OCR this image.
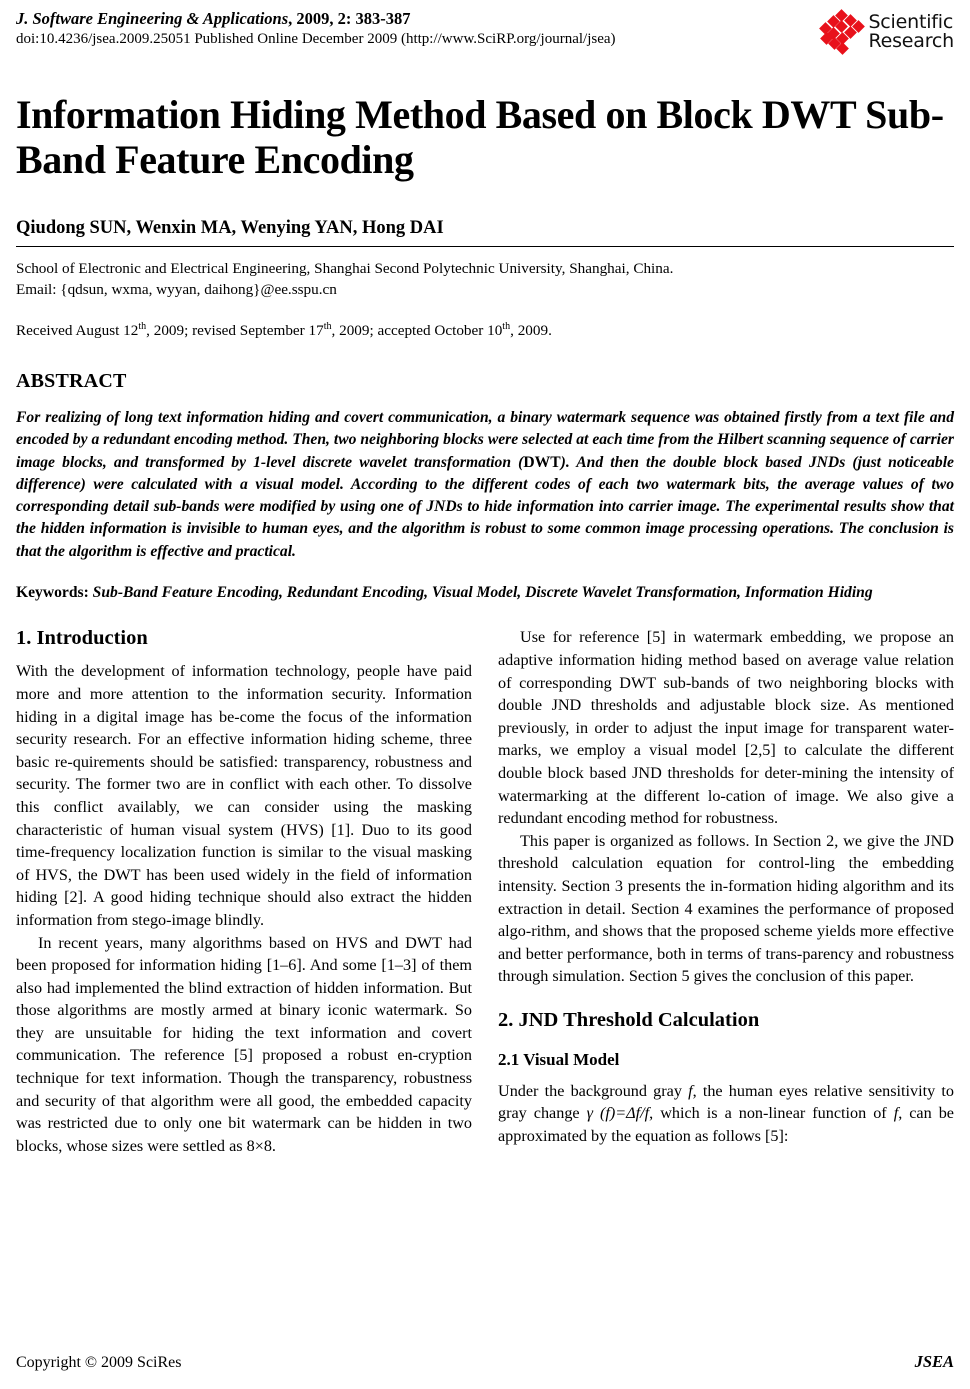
J. Software Engineering & Applications, 2009, 2: 383-387
doi:10.4236/jsea.2009.25051 Published Online December 2009 (http://www.SciRP.org/journal/jsea)
Scientific
Research
Information Hiding Method Based on Block DWT Sub-Band Feature Encoding
Qiudong SUN, Wenxin MA, Wenying YAN, Hong DAI
School of Electronic and Electrical Engineering, Shanghai Second Polytechnic University, Shanghai, China.
Email: {qdsun, wxma, wyyan, daihong}@ee.sspu.cn
Received August 12th, 2009; revised September 17th, 2009; accepted October 10th, 2009.
ABSTRACT
For realizing of long text information hiding and covert communication, a binary watermark sequence was obtained firstly from a text file and encoded by a redundant encoding method. Then, two neighboring blocks were selected at each time from the Hilbert scanning sequence of carrier image blocks, and transformed by 1-level discrete wavelet transformation (DWT). And then the double block based JNDs (just noticeable difference) were calculated with a visual model. According to the different codes of each two watermark bits, the average values of two corresponding detail sub-bands were modified by using one of JNDs to hide information into carrier image. The experimental results show that the hidden information is invisible to human eyes, and the algorithm is robust to some common image processing operations. The conclusion is that the algorithm is effective and practical.
Keywords: Sub-Band Feature Encoding, Redundant Encoding, Visual Model, Discrete Wavelet Transformation, Information Hiding
1. Introduction

With the development of information technology, people have paid more and more attention to the information security. Information hiding in a digital image has be-come the focus of the information security research. For an effective information hiding scheme, three basic re-quirements should be satisfied: transparency, robustness and security. The former two are in conflict with each other. To dissolve this conflict availably, we can consider using the masking characteristic of human visual system (HVS) [1]. Duo to its good time-frequency localization function is similar to the visual masking of HVS, the DWT has been used widely in the field of information hiding [2]. A good hiding technique should also extract the hidden information from stego-image blindly.

In recent years, many algorithms based on HVS and DWT had been proposed for information hiding [1–6]. And some [1–3] of them also had implemented the blind extraction of hidden information. But those algorithms are mostly armed at binary iconic watermark. So they are unsuitable for hiding the text information and covert communication. The reference [5] proposed a robust en-cryption technique for text information. Though the transparency, robustness and security of that algorithm were all good, the embedded capacity was restricted due to only one bit watermark can be hidden in two blocks, whose sizes were settled as 8×8.

Use for reference [5] in watermark embedding, we propose an adaptive information hiding method based on average value relation of corresponding DWT sub-bands of two neighboring blocks with double JND thresholds and adjustable block size. As mentioned previously, in order to adjust the input image for transparent water-marks, we employ a visual model [2,5] to calculate the different double block based JND thresholds for deter-mining the intensity of watermarking at the different lo-cation of image. We also give a redundant encoding method for robustness.

This paper is organized as follows. In Section 2, we give the JND threshold calculation equation for control-ling the embedding intensity. Section 3 presents the in-formation hiding algorithm and its extraction in detail. Section 4 examines the performance of proposed algo-rithm, and shows that the proposed scheme yields more effective and better performance, both in terms of trans-parency and robustness through simulation. Section 5 gives the conclusion of this paper.

2. JND Threshold Calculation
2.1 Visual Model

Under the background gray f, the human eyes relative sensitivity to gray change γ (f)=Δf/f, which is a non-linear function of f, can be approximated by the equation as follows [5]:

Copyright © 2009 SciRes	JSEA
